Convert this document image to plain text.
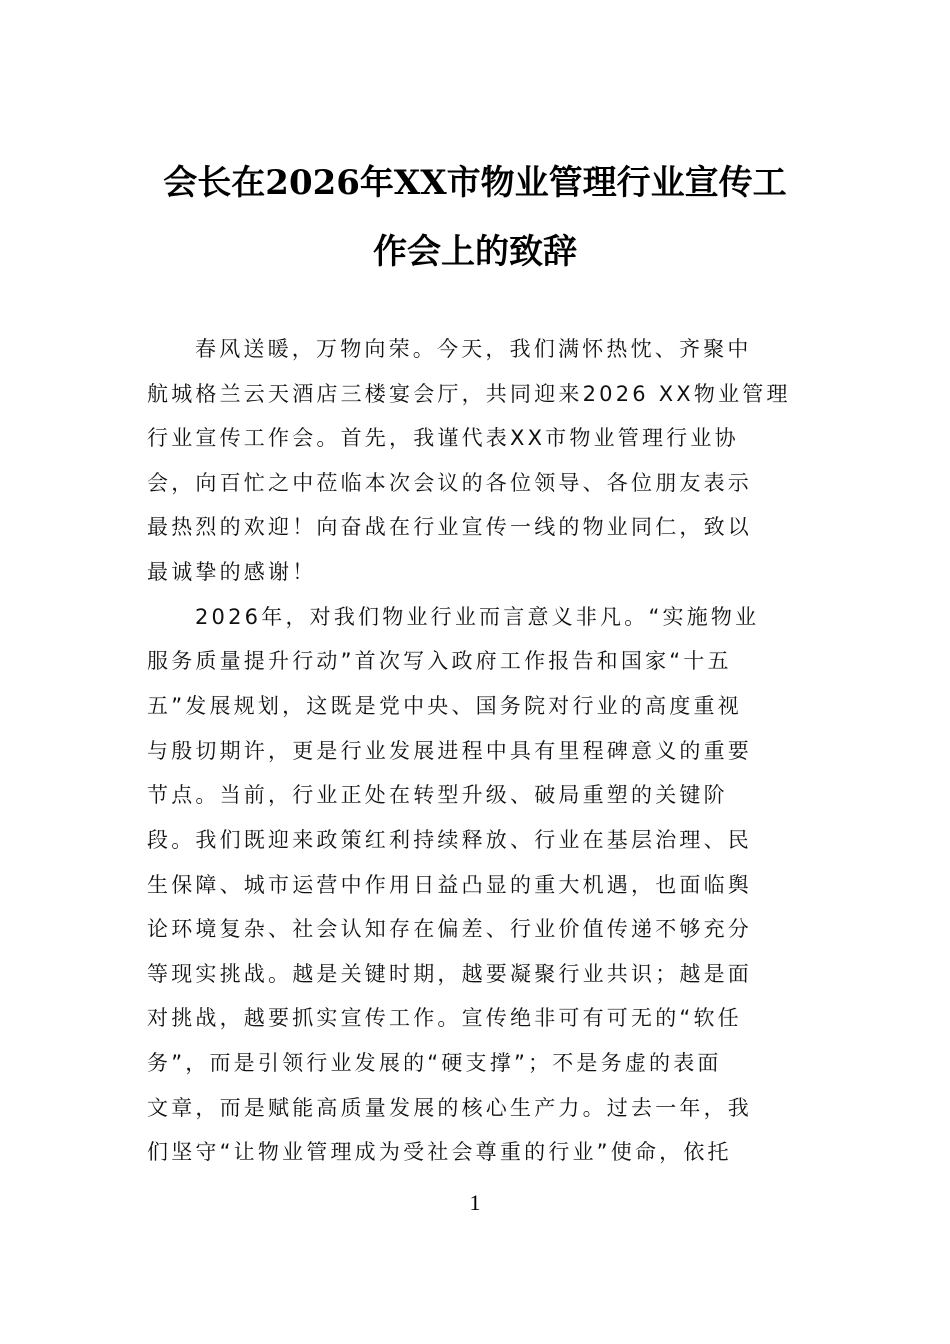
会长在2026年XX市物业管理行业宣传工
作会上的致辞
春风送暖，万物向荣。今天，我们满怀热忱、齐聚中
航城格兰云天酒店三楼宴会厅，共同迎来2026 XX物业管理
行业宣传工作会。首先，我谨代表XX市物业管理行业协
会，向百忙之中莅临本次会议的各位领导、各位朋友表示
最热烈的欢迎！向奋战在行业宣传一线的物业同仁，致以
最诚挚的感谢！
2026年，对我们物业行业而言意义非凡。“实施物业
服务质量提升行动”首次写入政府工作报告和国家“十五
五”发展规划，这既是党中央、国务院对行业的高度重视
与殷切期许，更是行业发展进程中具有里程碑意义的重要
节点。当前，行业正处在转型升级、破局重塑的关键阶
段。我们既迎来政策红利持续释放、行业在基层治理、民
生保障、城市运营中作用日益凸显的重大机遇，也面临舆
论环境复杂、社会认知存在偏差、行业价值传递不够充分
等现实挑战。越是关键时期，越要凝聚行业共识；越是面
对挑战，越要抓实宣传工作。宣传绝非可有可无的“软任
务”，而是引领行业发展的“硬支撑”；不是务虚的表面
文章，而是赋能高质量发展的核心生产力。过去一年，我
们坚守“让物业管理成为受社会尊重的行业”使命，依托
1
